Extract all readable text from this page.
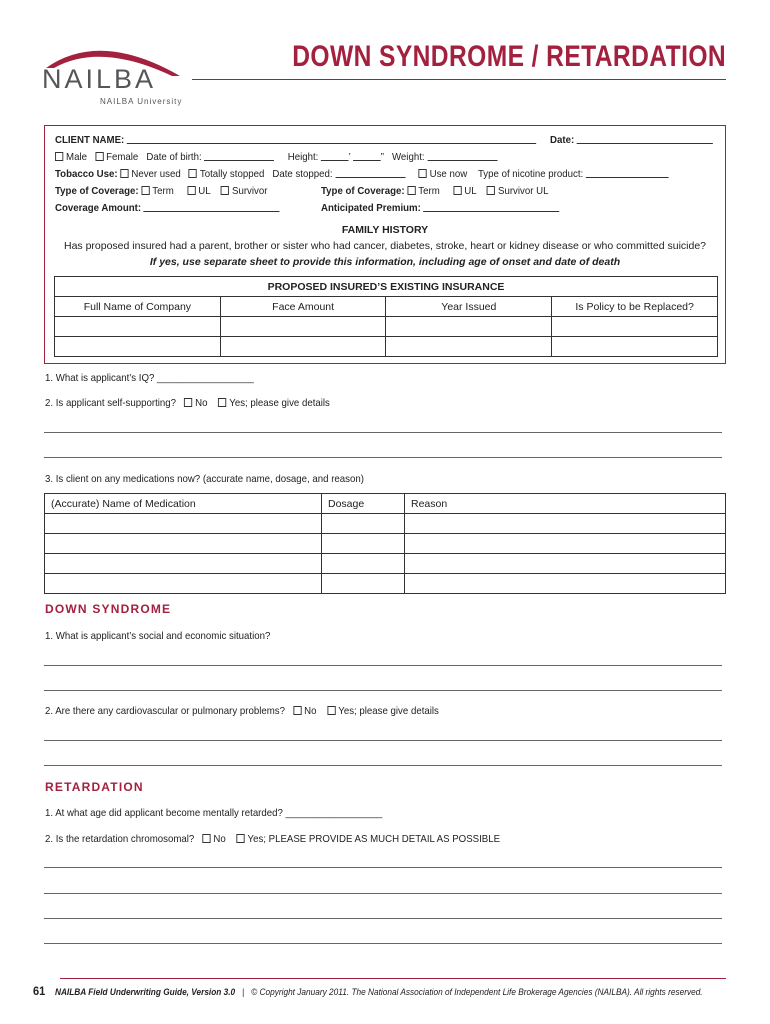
NAILBA
NAILBA University
DOWN SYNDROME / RETARDATION
CLIENT NAME:	Date:
Male Female Date of birth:	Height:	’	” Weight:
Tobacco Use: Never used Totally stopped Date stopped:	Use now Type of nicotine product:
Type of Coverage: Term UL Survivor	Type of Coverage: Term UL Survivor UL
Coverage Amount:	Anticipated Premium:
FAMILY HISTORY
Has proposed insured had a parent, brother or sister who had cancer, diabetes, stroke, heart or kidney disease or who committed suicide?
If yes, use separate sheet to provide this information, including age of onset and date of death
PROPOSED INSURED’S EXISTING INSURANCE			
Full Name of Company	Face Amount	Year Issued	Is Policy to be Replaced?

1. What is applicant’s IQ? __________________
2. Is applicant self-supporting? No Yes; please give details
3. Is client on any medications now? (accurate name, dosage, and reason)
(Accurate) Name of Medication	Dosage	Reason

DOWN SYNDROME
1. What is applicant’s social and economic situation?
2. Are there any cardiovascular or pulmonary problems? No Yes; please give details
RETARDATION
1. At what age did applicant become mentally retarded? __________________
2. Is the retardation chromosomal? No Yes; PLEASE PROVIDE AS MUCH DETAIL AS POSSIBLE
61 NAILBA Field Underwriting Guide, Version 3.0 | © Copyright January 2011. The National Association of Independent Life Brokerage Agencies (NAILBA). All rights reserved.
